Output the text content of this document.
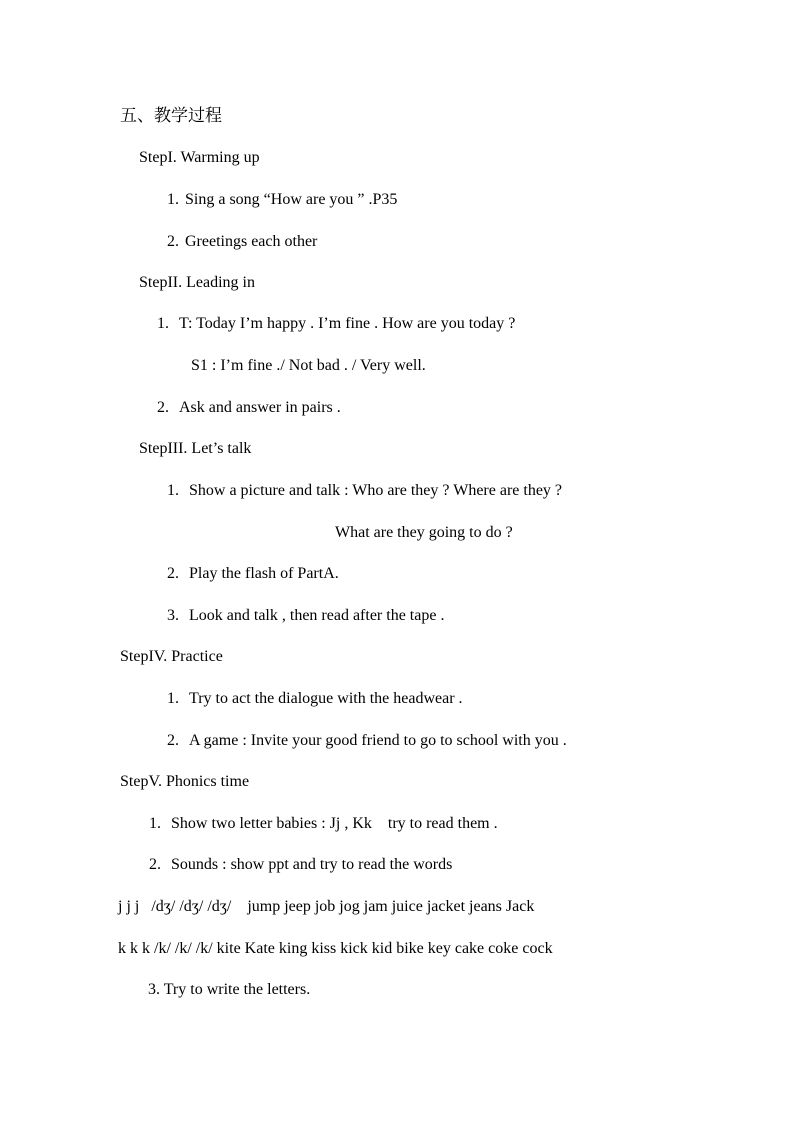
五、教学过程
StepI. Warming up
1. Sing a song “How are you ” .P35
2. Greetings each other
StepII. Leading in
1. T: Today I’m happy . I’m fine . How are you today ?
S1 : I’m fine ./ Not bad . / Very well.
2. Ask and answer in pairs .
StepIII. Let’s talk
1. Show a picture and talk : Who are they ? Where are they ?
What are they going to do ?
2. Play the flash of PartA.
3. Look and talk , then read after the tape .
StepIV. Practice
1. Try to act the dialogue with the headwear .
2. A game : Invite your good friend to go to school with you .
StepV. Phonics time
1. Show two letter babies : Jj , Kk    try to read them .
2. Sounds : show ppt and try to read the words
j j j   /dʒ/ /dʒ/ /dʒ/    jump jeep job jog jam juice jacket jeans Jack
k k k /k/ /k/ /k/ kite Kate king kiss kick kid bike key cake coke cock
3. Try to write the letters.
